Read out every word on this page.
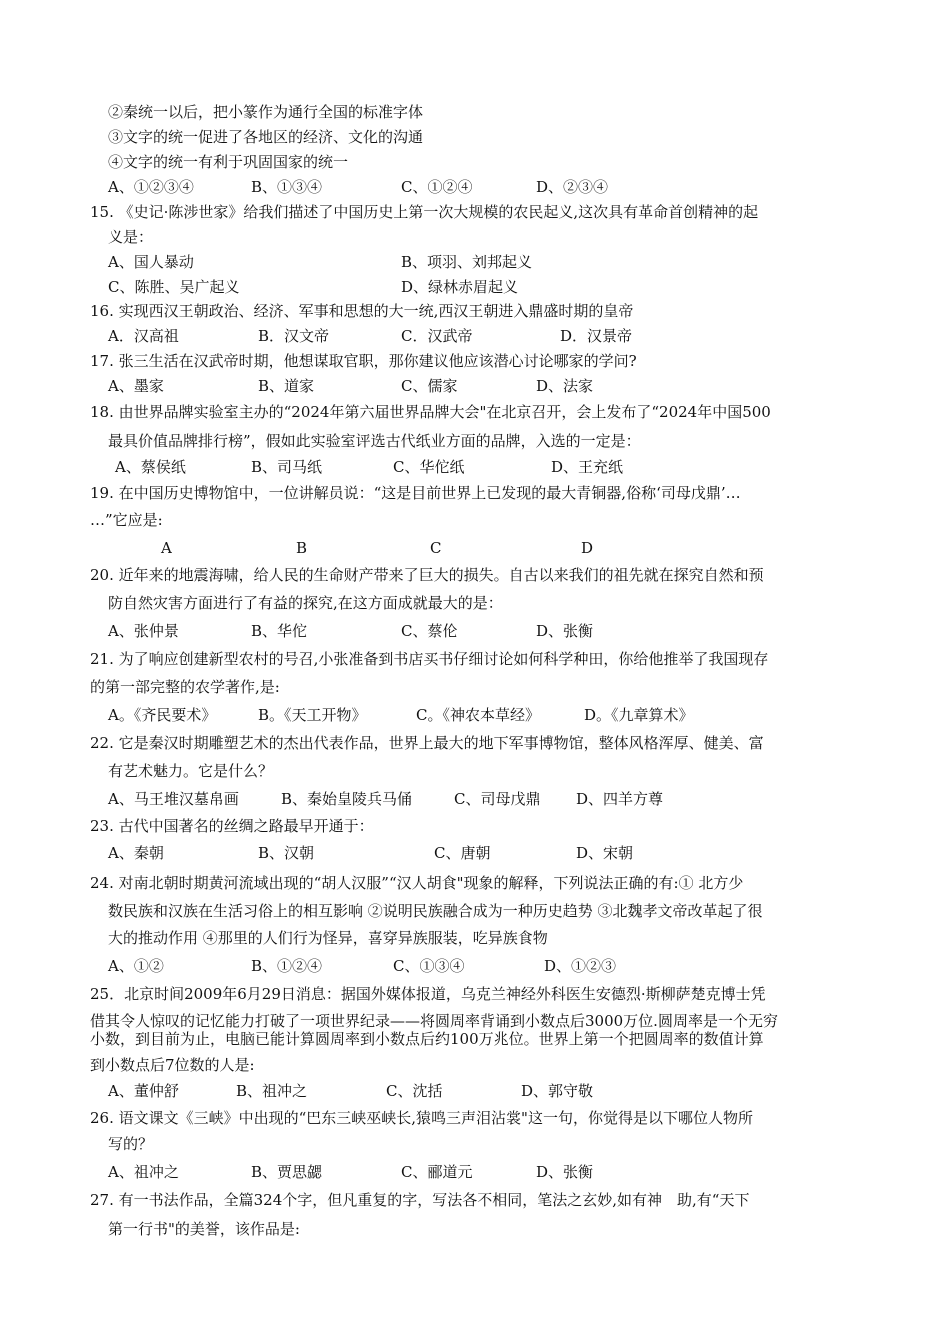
②秦统一以后，把小篆作为通行全国的标准字体
③文字的统一促进了各地区的经济、文化的沟通
④文字的统一有利于巩固国家的统一
A、①②③④	B、①③④	C、①②④	D、②③④
15. 《史记·陈涉世家》给我们描述了中国历史上第一次大规模的农民起义,这次具有革命首创精神的起
义是：
A、国人暴动	B、项羽、刘邦起义
C、陈胜、吴广起义	D、绿林赤眉起义
16. 实现西汉王朝政治、经济、军事和思想的大一统,西汉王朝进入鼎盛时期的皇帝
A．汉高祖	B．汉文帝	C．汉武帝	D．汉景帝
17. 张三生活在汉武帝时期，他想谋取官职，那你建议他应该潜心讨论哪家的学问?
A、墨家	B、道家	C、儒家	D、法家
18. 由世界品牌实验室主办的“2024年第六届世界品牌大会"在北京召开，会上发布了“2024年中国500
最具价值品牌排行榜”，假如此实验室评选古代纸业方面的品牌，入选的一定是：
A、蔡侯纸	B、司马纸	C、华佗纸	D、王充纸
19. 在中国历史博物馆中，一位讲解员说：“这是目前世界上已发现的最大青铜器,俗称‘司母戊鼎’…
…”它应是:
A	B	C	D
20. 近年来的地震海啸，给人民的生命财产带来了巨大的损失。自古以来我们的祖先就在探究自然和预
防自然灾害方面进行了有益的探究,在这方面成就最大的是：
A、张仲景	B、华佗	C、蔡伦	D、张衡
21. 为了响应创建新型农村的号召,小张准备到书店买书仔细讨论如何科学种田，你给他推举了我国现存
的第一部完整的农学著作,是:
A。《齐民要术》	B。《天工开物》	C。《神农本草经》	D。《九章算术》
22. 它是秦汉时期雕塑艺术的杰出代表作品，世界上最大的地下军事博物馆，整体风格浑厚、健美、富
有艺术魅力。它是什么？
A、马王堆汉墓帛画	B、秦始皇陵兵马俑	C、司母戊鼎 D、四羊方尊
23. 古代中国著名的丝绸之路最早开通于：
A、秦朝	B、汉朝	C、唐朝	D、宋朝
24. 对南北朝时期黄河流域出现的“胡人汉服”“汉人胡食"现象的解释，下列说法正确的有:① 北方少
数民族和汉族在生活习俗上的相互影响 ②说明民族融合成为一种历史趋势 ③北魏孝文帝改革起了很
大的推动作用 ④那里的人们行为怪异，喜穿异族服装，吃异族食物
A、①②	B、①②④	C、①③④	D、①②③
25．北京时间2009年6月29日消息：据国外媒体报道，乌克兰神经外科医生安德烈·斯柳萨楚克博士凭
借其令人惊叹的记忆能力打破了一项世界纪录——将圆周率背诵到小数点后3000万位.圆周率是一个无穷
小数，到目前为止，电脑已能计算圆周率到小数点后约100万兆位。世界上第一个把圆周率的数值计算
到小数点后7位数的人是:
A、董仲舒	B、祖冲之	C、沈括	D、郭守敬
26. 语文课文《三峡》中出现的“巴东三峡巫峡长,猿鸣三声泪沾裳"这一句，你觉得是以下哪位人物所
写的？
A、祖冲之	B、贾思勰	C、郦道元	D、张衡
27. 有一书法作品，全篇324个字，但凡重复的字，写法各不相同，笔法之玄妙,如有神　助,有“天下
第一行书"的美誉，该作品是:
